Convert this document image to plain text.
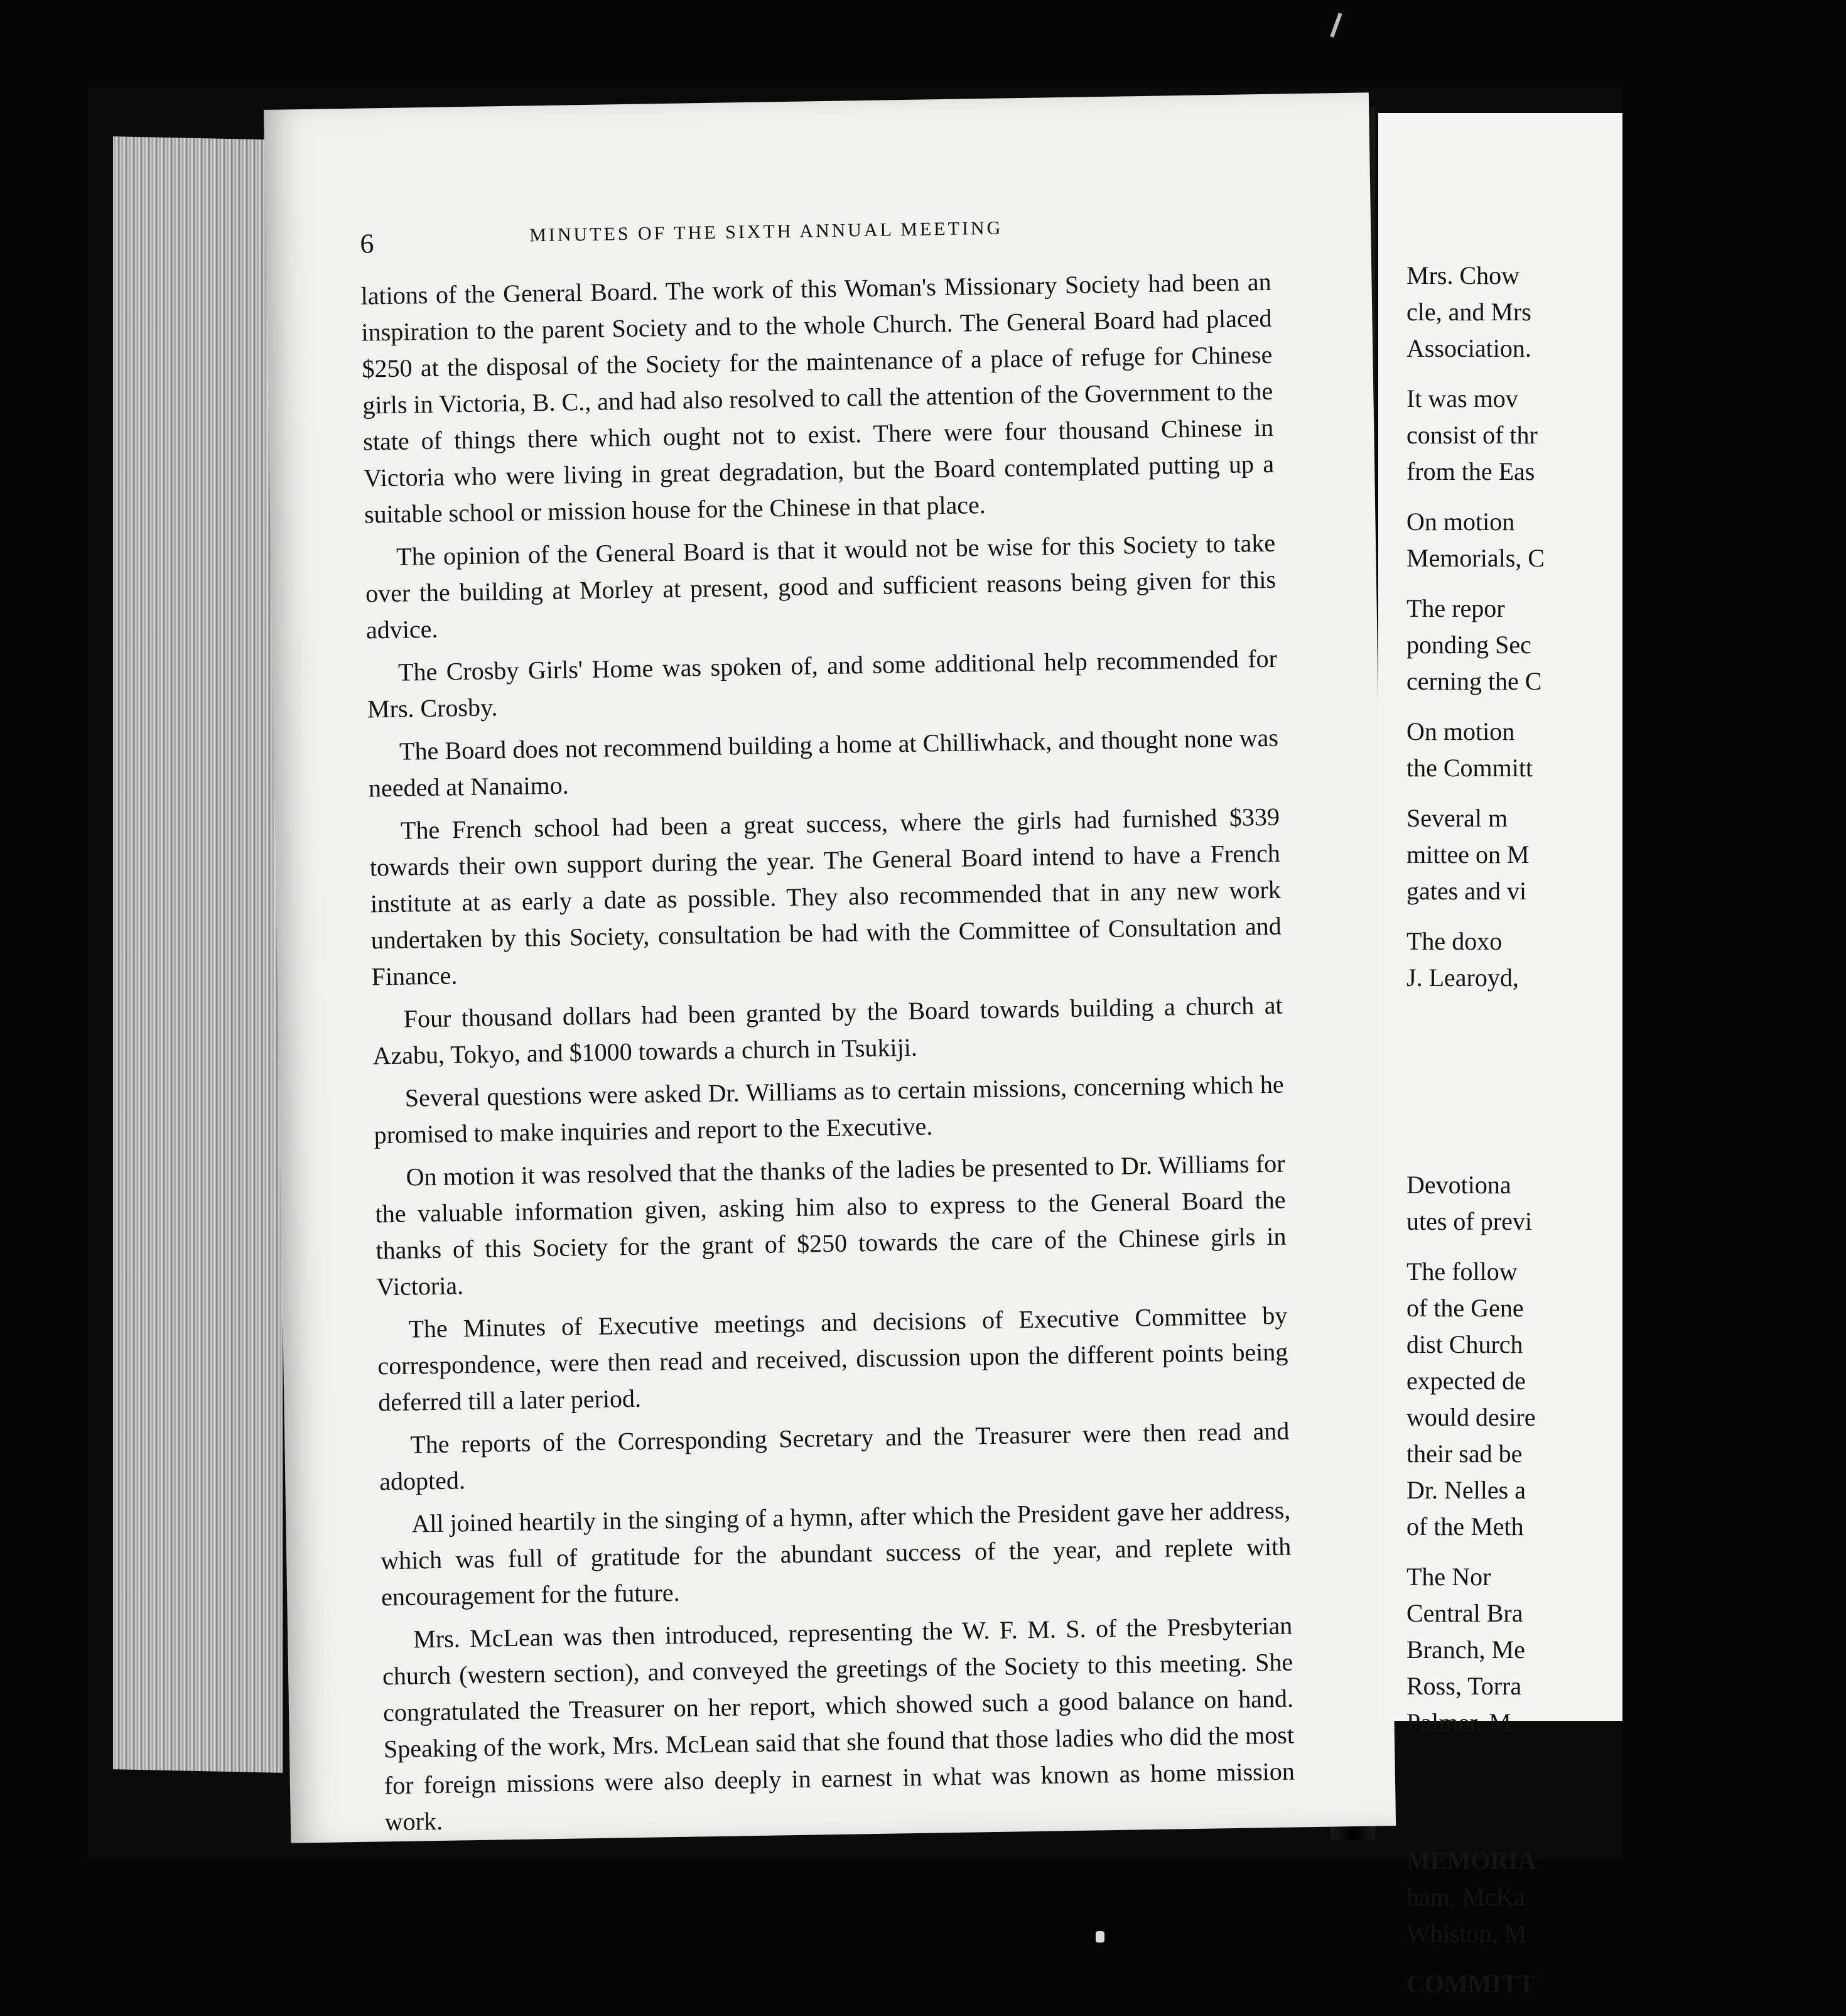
6	MINUTES OF THE SIXTH ANNUAL MEETING

lations of the General Board. The work of this Woman's Missionary Society had been an inspiration to the parent Society and to the whole Church. The General Board had placed $250 at the disposal of the Society for the maintenance of a place of refuge for Chinese girls in Victoria, B. C., and had also resolved to call the attention of the Government to the state of things there which ought not to exist. There were four thousand Chinese in Victoria who were living in great degradation, but the Board contemplated putting up a suitable school or mission house for the Chinese in that place.

The opinion of the General Board is that it would not be wise for this Society to take over the building at Morley at present, good and sufficient reasons being given for this advice.

The Crosby Girls' Home was spoken of, and some additional help recommended for Mrs. Crosby.

The Board does not recommend building a home at Chilliwhack, and thought none was needed at Nanaimo.

The French school had been a great success, where the girls had furnished $339 towards their own support during the year. The General Board intend to have a French institute at as early a date as possible. They also recommended that in any new work undertaken by this Society, consultation be had with the Committee of Consultation and Finance.

Four thousand dollars had been granted by the Board towards building a church at Azabu, Tokyo, and $1000 towards a church in Tsukiji.

Several questions were asked Dr. Williams as to certain missions, concerning which he promised to make inquiries and report to the Executive.

On motion it was resolved that the thanks of the ladies be presented to Dr. Williams for the valuable information given, asking him also to express to the General Board the thanks of this Society for the grant of $250 towards the care of the Chinese girls in Victoria.

The Minutes of Executive meetings and decisions of Executive Committee by correspondence, were then read and received, discussion upon the different points being deferred till a later period.

The reports of the Corresponding Secretary and the Treasurer were then read and adopted.

All joined heartily in the singing of a hymn, after which the President gave her address, which was full of gratitude for the abundant success of the year, and replete with encouragement for the future.

Mrs. McLean was then introduced, representing the W. F. M. S. of the Presbyterian church (western section), and conveyed the greetings of the Society to this meeting. She congratulated the Treasurer on her report, which showed such a good balance on hand. Speaking of the work, Mrs. McLean said that she found that those ladies who did the most for foreign missions were also deeply in earnest in what was known as home mission work.

Mrs. Chow
cle, and Mrs
Association.
It was mov
consist of thr
from the Eas
On motion
Memorials, C
The repor
ponding Sec
cerning the C
On motion
the Committ
Several m
mittee on M
gates and vi
The doxo
J. Learoyd,
Devotiona
utes of previ
The follow
of the Gene
dist Church
expected de
would desire
their sad be
Dr. Nelles a
of the Meth
The Nor
Central Bra
Branch, Me
Ross, Torra
Palmer. M
MEMORIA
ham, McKa
Whiston, M
COMMITT
